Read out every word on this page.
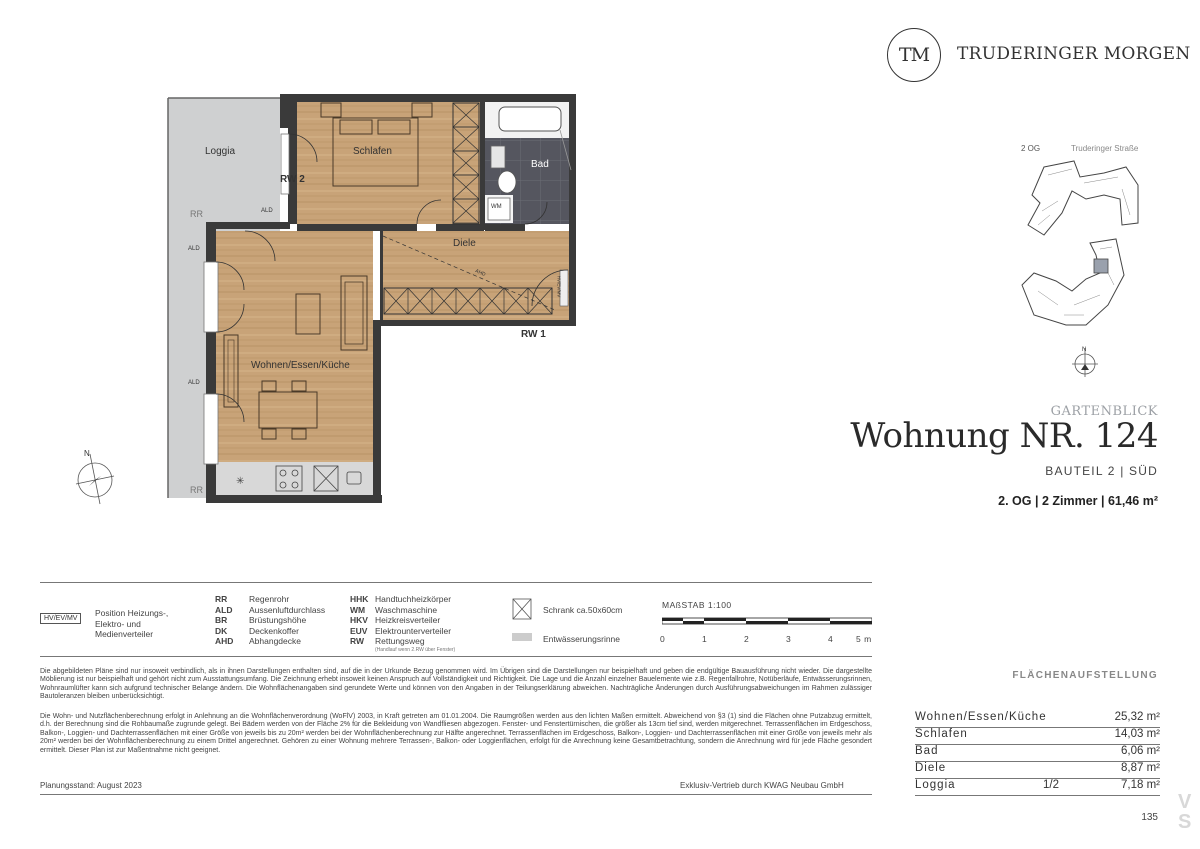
TM TRUDERINGER MORGEN
✳
Loggia	Schlafen
Bad
Diele
Wohnen/Essen/Küche
RW 1
RW 2
RR
RR
ALD
ALD
ALD
WM
AHD
HV/EV/MV
N
2 OG	Truderinger Straße
N
GARTENBLICK
Wohnung NR. 124
BAUTEIL 2 | SÜD
2. OG | 2 Zimmer | 61,46 m²
HV/EV/MV
Position Heizungs-,
Elektro- und
Medienverteiler
RR	Regenrohr
ALD Aussenluftdurchlass
BR	Brüstungshöhe
DK	Deckenkoffer
AHD Abhangdecke
HHK Handtuchheizkörper
WM Waschmaschine
HKV Heizkreisverteiler
EUV Elektrounterverteiler
RW Rettungsweg
(Handlauf wenn 2.RW über Fenster)
Schrank ca.50x60cm
Entwässerungsrinne
MAßSTAB 1:100
0	1	2	3	4	5 m
Die abgebildeten Pläne sind nur insoweit verbindlich, als in ihnen Darstellungen enthalten sind, auf die in der Urkunde Bezug genommen wird. Im Übrigen sind die Darstellungen nur beispielhaft und geben die endgültige Bauausführung nicht wieder. Die dargestellte Möblierung ist nur beispielhaft und gehört nicht zum Ausstattungsumfang. Die Zeichnung erhebt insoweit keinen Anspruch auf Vollständigkeit und Richtigkeit. Die Lage und die Anzahl einzelner Bauelemente wie z.B. Regenfallrohre, Notüberläufe, Entwässerungsrinnen, Wohnraumlüfter kann sich aufgrund technischer Belange ändern. Die Wohnflächenangaben sind gerundete Werte und können von den Angaben in der Teilungserklärung abweichen. Nachträgliche Änderungen durch Ausführungsabweichungen im Rahmen zulässiger Bautoleranzen bleiben unberücksichtigt.
Die Wohn- und Nutzflächenberechnung erfolgt in Anlehnung an die Wohnflächenverordnung (WoFlV) 2003, in Kraft getreten am 01.01.2004. Die Raumgrößen werden aus den lichten Maßen ermittelt. Abweichend von §3 (1) sind die Flächen ohne Putzabzug ermittelt, d.h. der Berechnung sind die Rohbaumaße zugrunde gelegt. Bei Bädern werden von der Fläche 2% für die Bekleidung von Wandfliesen abgezogen. Fenster- und Fenstertürnischen, die größer als 13cm tief sind, werden mitgerechnet. Terrassenflächen im Erdgeschoss, Balkon-, Loggien- und Dachterrassenflächen mit einer Größe von jeweils bis zu 20m² werden bei der Wohnflächenberechnung zur Hälfte angerechnet. Terrassenflächen im Erdgeschoss, Balkon-, Loggien- und Dachterrassenflächen mit einer Größe von jeweils mehr als 20m² werden bei der Wohnflächenberechnung zu einem Drittel angerechnet. Gehören zu einer Wohnung mehrere Terrassen-, Balkon- oder Loggienflächen, erfolgt für die Anrechnung keine Gesamtbetrachtung, sondern die Anrechnung wird für jede Fläche gesondert ermittelt. Dieser Plan ist zur Maßentnahme nicht geeignet.
Planungsstand: August 2023	Exklusiv-Vertrieb durch KWAG Neubau GmbH
FLÄCHENAUFSTELLUNG
Wohnen/Essen/Küche	25,32 m²
Schlafen	14,03 m²
Bad	6,06 m²
Diele	8,87 m²
Loggia	1/2	7,18 m²
135
V
S
